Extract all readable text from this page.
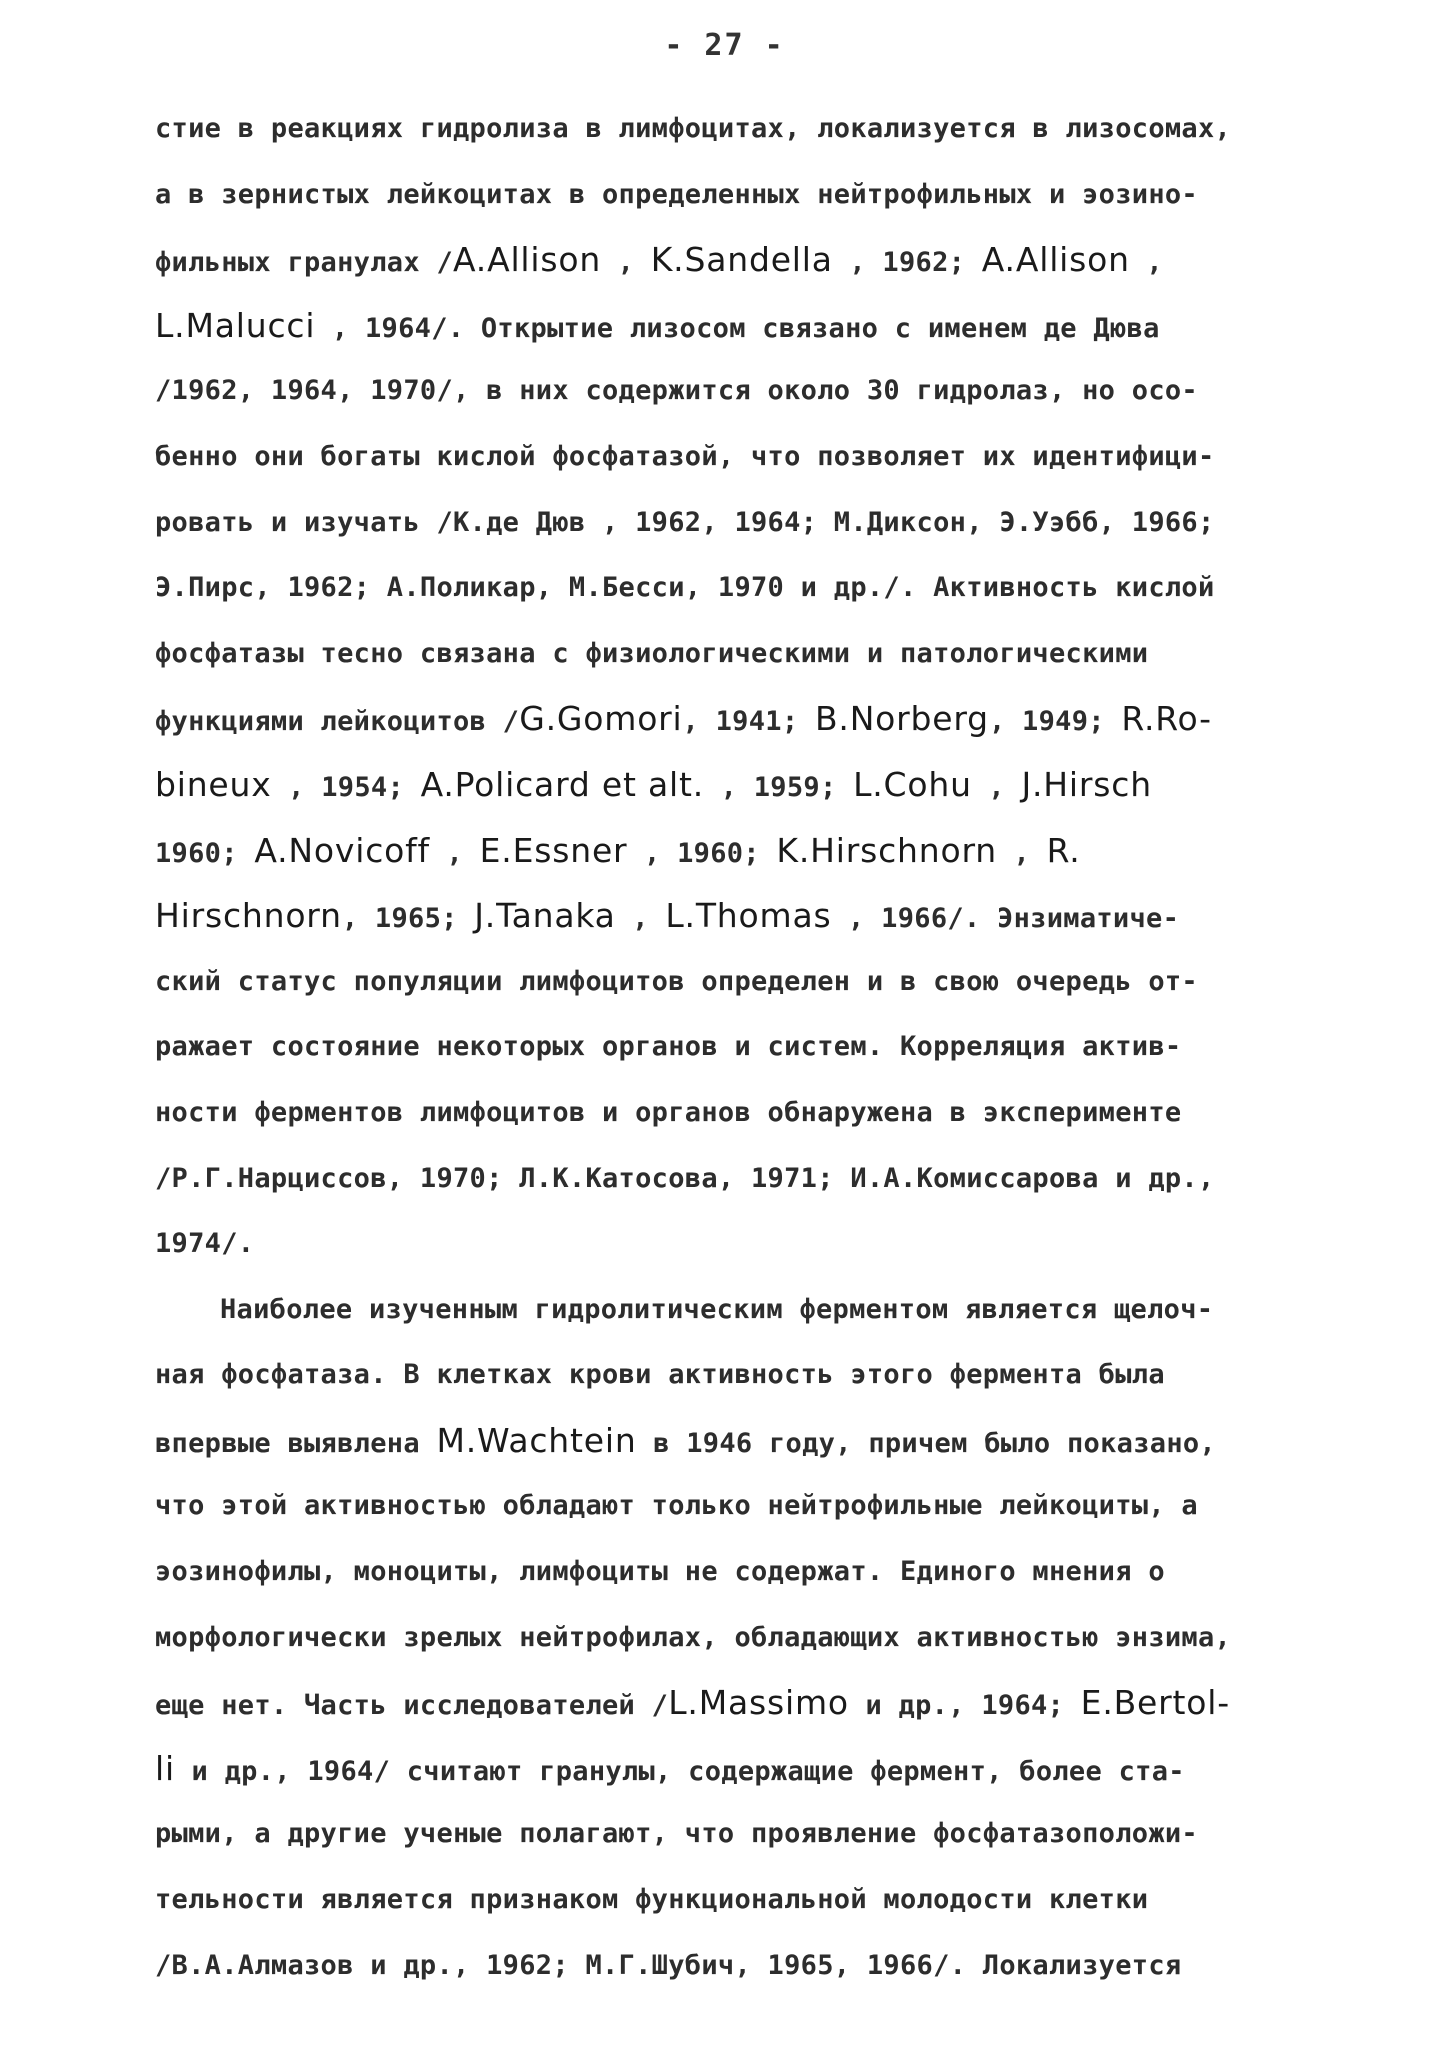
- 27 -
стие в реакциях гидролиза в лимфоцитах, локализуется в лизосомах,
а в зернистых лейкоцитах в определенных нейтрофильных и эозино-
фильных гранулах /A.Allison , K.Sandella , 1962; A.Allison ,
L.Malucci , 1964/. Открытие лизосом связано с именем де Дюва
/1962, 1964, 1970/, в них содержится около 30 гидролаз, но осо-
бенно они богаты кислой фосфатазой, что позволяет их идентифици-
ровать и изучать /К.де Дюв , 1962, 1964; М.Диксон, Э.Уэбб, 1966;
Э.Пирс, 1962; А.Поликар, М.Бесси, 1970 и др./. Активность кислой
фосфатазы тесно связана с физиологическими и патологическими
функциями лейкоцитов /G.Gomori, 1941; B.Norberg, 1949; R.Ro-
bineux , 1954; A.Policard et alt. , 1959; L.Cohu , J.Hirsch
1960; A.Novicoff , E.Essner , 1960; K.Hirschnorn , R.
Hirschnorn, 1965; J.Tanaka , L.Thomas , 1966/. Энзиматиче-
ский статус популяции лимфоцитов определен и в свою очередь от-
ражает состояние некоторых органов и систем. Корреляция актив-
ности ферментов лимфоцитов и органов обнаружена в эксперименте
/Р.Г.Нарциссов, 1970; Л.К.Катосова, 1971; И.А.Комиссарова и др.,
1974/.
Наиболее изученным гидролитическим ферментом является щелоч-
ная фосфатаза. В клетках крови активность этого фермента была
впервые выявлена M.Wachtein в 1946 году, причем было показано,
что этой активностью обладают только нейтрофильные лейкоциты, а
эозинофилы, моноциты, лимфоциты не содержат. Единого мнения о
морфологически зрелых нейтрофилах, обладающих активностью энзима,
еще нет. Часть исследователей /L.Massimo и др., 1964; E.Bertol-
li и др., 1964/ считают гранулы, содержащие фермент, более ста-
рыми, а другие ученые полагают, что проявление фосфатазоположи-
тельности является признаком функциональной молодости клетки
/В.А.Алмазов и др., 1962; М.Г.Шубич, 1965, 1966/. Локализуется
